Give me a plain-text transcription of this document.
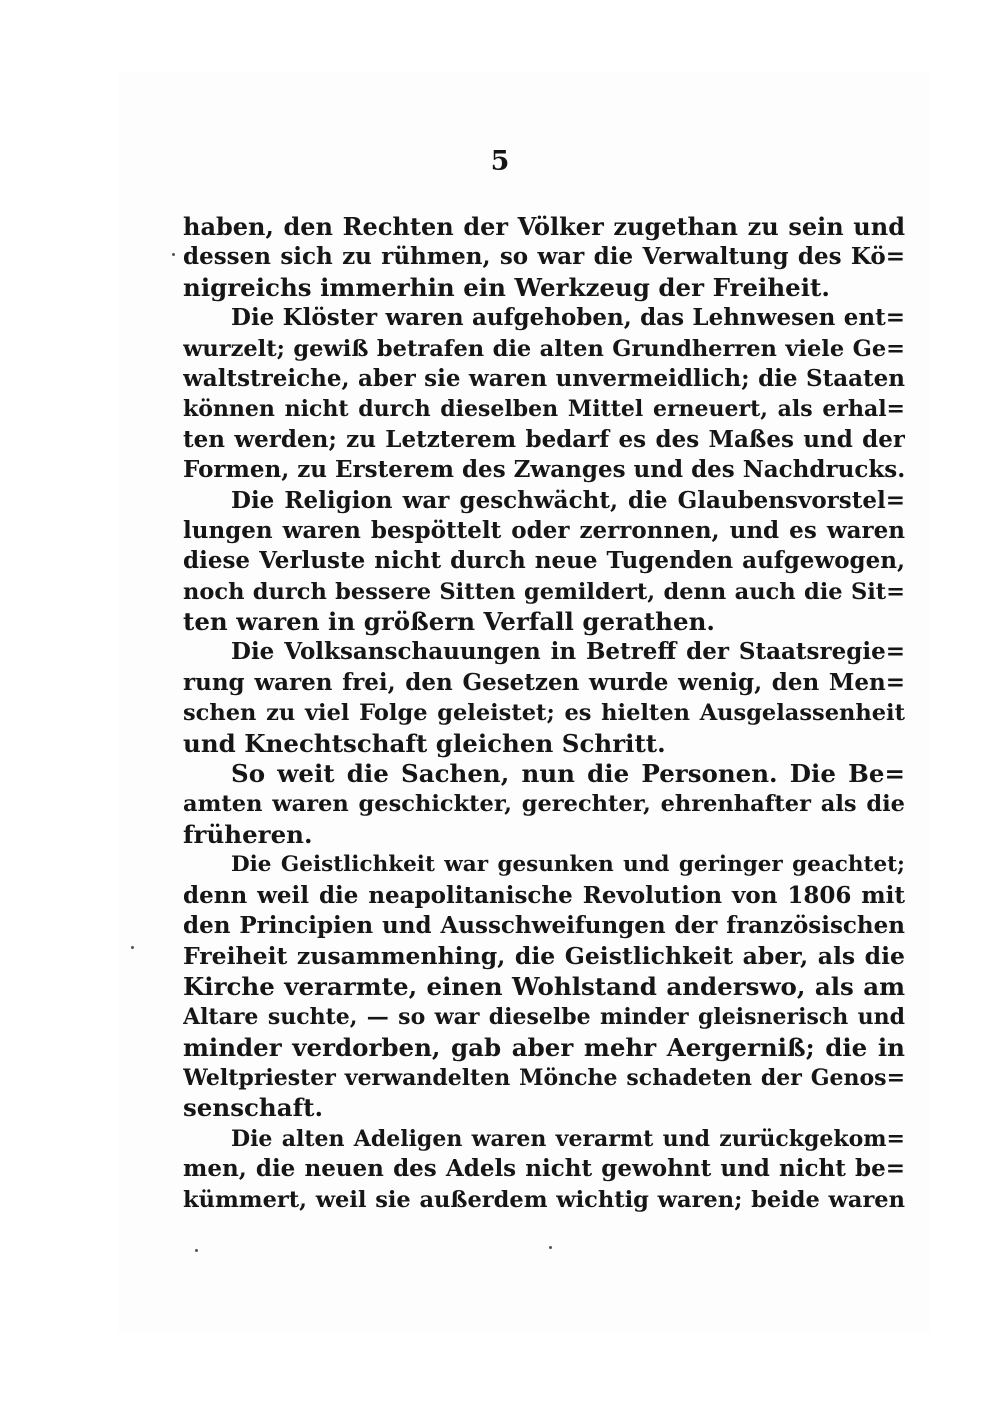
5
haben, den Rechten der Völker zugethan zu sein und
dessen sich zu rühmen, so war die Verwaltung des Kö=
nigreichs immerhin ein Werkzeug der Freiheit.
Die Klöster waren aufgehoben, das Lehnwesen ent=
wurzelt; gewiß betrafen die alten Grundherren viele Ge=
waltstreiche, aber sie waren unvermeidlich; die Staaten
können nicht durch dieselben Mittel erneuert, als erhal=
ten werden; zu Letzterem bedarf es des Maßes und der
Formen, zu Ersterem des Zwanges und des Nachdrucks.
Die Religion war geschwächt, die Glaubensvorstel=
lungen waren bespöttelt oder zerronnen, und es waren
diese Verluste nicht durch neue Tugenden aufgewogen,
noch durch bessere Sitten gemildert, denn auch die Sit=
ten waren in größern Verfall gerathen.
Die Volksanschauungen in Betreff der Staatsregie=
rung waren frei, den Gesetzen wurde wenig, den Men=
schen zu viel Folge geleistet; es hielten Ausgelassenheit
und Knechtschaft gleichen Schritt.
So weit die Sachen, nun die Personen. Die Be=
amten waren geschickter, gerechter, ehrenhafter als die
früheren.
Die Geistlichkeit war gesunken und geringer geachtet;
denn weil die neapolitanische Revolution von 1806 mit
den Principien und Ausschweifungen der französischen
Freiheit zusammenhing, die Geistlichkeit aber, als die
Kirche verarmte, einen Wohlstand anderswo, als am
Altare suchte, — so war dieselbe minder gleisnerisch und
minder verdorben, gab aber mehr Aergerniß; die in
Weltpriester verwandelten Mönche schadeten der Genos=
senschaft.
Die alten Adeligen waren verarmt und zurückgekom=
men, die neuen des Adels nicht gewohnt und nicht be=
kümmert, weil sie außerdem wichtig waren; beide waren
